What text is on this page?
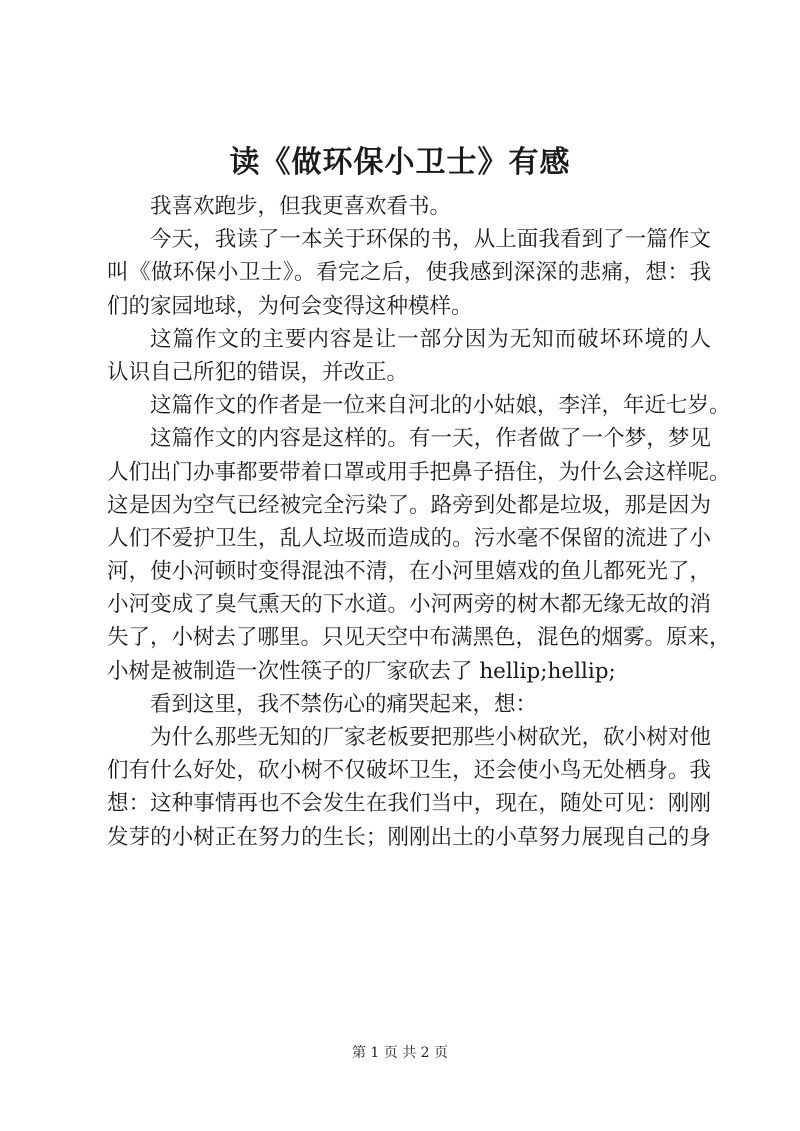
读《做环保小卫士》有感
我喜欢跑步，但我更喜欢看书。
今天，我读了一本关于环保的书，从上面我看到了一篇作文
叫《做环保小卫士》。看完之后，使我感到深深的悲痛，想：我
们的家园地球，为何会变得这种模样。
这篇作文的主要内容是让一部分因为无知而破坏环境的人
认识自己所犯的错误，并改正。
这篇作文的作者是一位来自河北的小姑娘，李洋，年近七岁。
这篇作文的内容是这样的。有一天，作者做了一个梦，梦见
人们出门办事都要带着口罩或用手把鼻子捂住，为什么会这样呢。
这是因为空气已经被完全污染了。路旁到处都是垃圾，那是因为
人们不爱护卫生，乱人垃圾而造成的。污水毫不保留的流进了小
河，使小河顿时变得混浊不清，在小河里嬉戏的鱼儿都死光了，
小河变成了臭气熏天的下水道。小河两旁的树木都无缘无故的消
失了，小树去了哪里。只见天空中布满黑色，混色的烟雾。原来，
小树是被制造一次性筷子的厂家砍去了 hellip;hellip;
看到这里，我不禁伤心的痛哭起来，想：
为什么那些无知的厂家老板要把那些小树砍光，砍小树对他
们有什么好处，砍小树不仅破坏卫生，还会使小鸟无处栖身。我
想：这种事情再也不会发生在我们当中，现在，随处可见：刚刚
发芽的小树正在努力的生长；刚刚出土的小草努力展现自己的身
第 1 页 共 2 页
